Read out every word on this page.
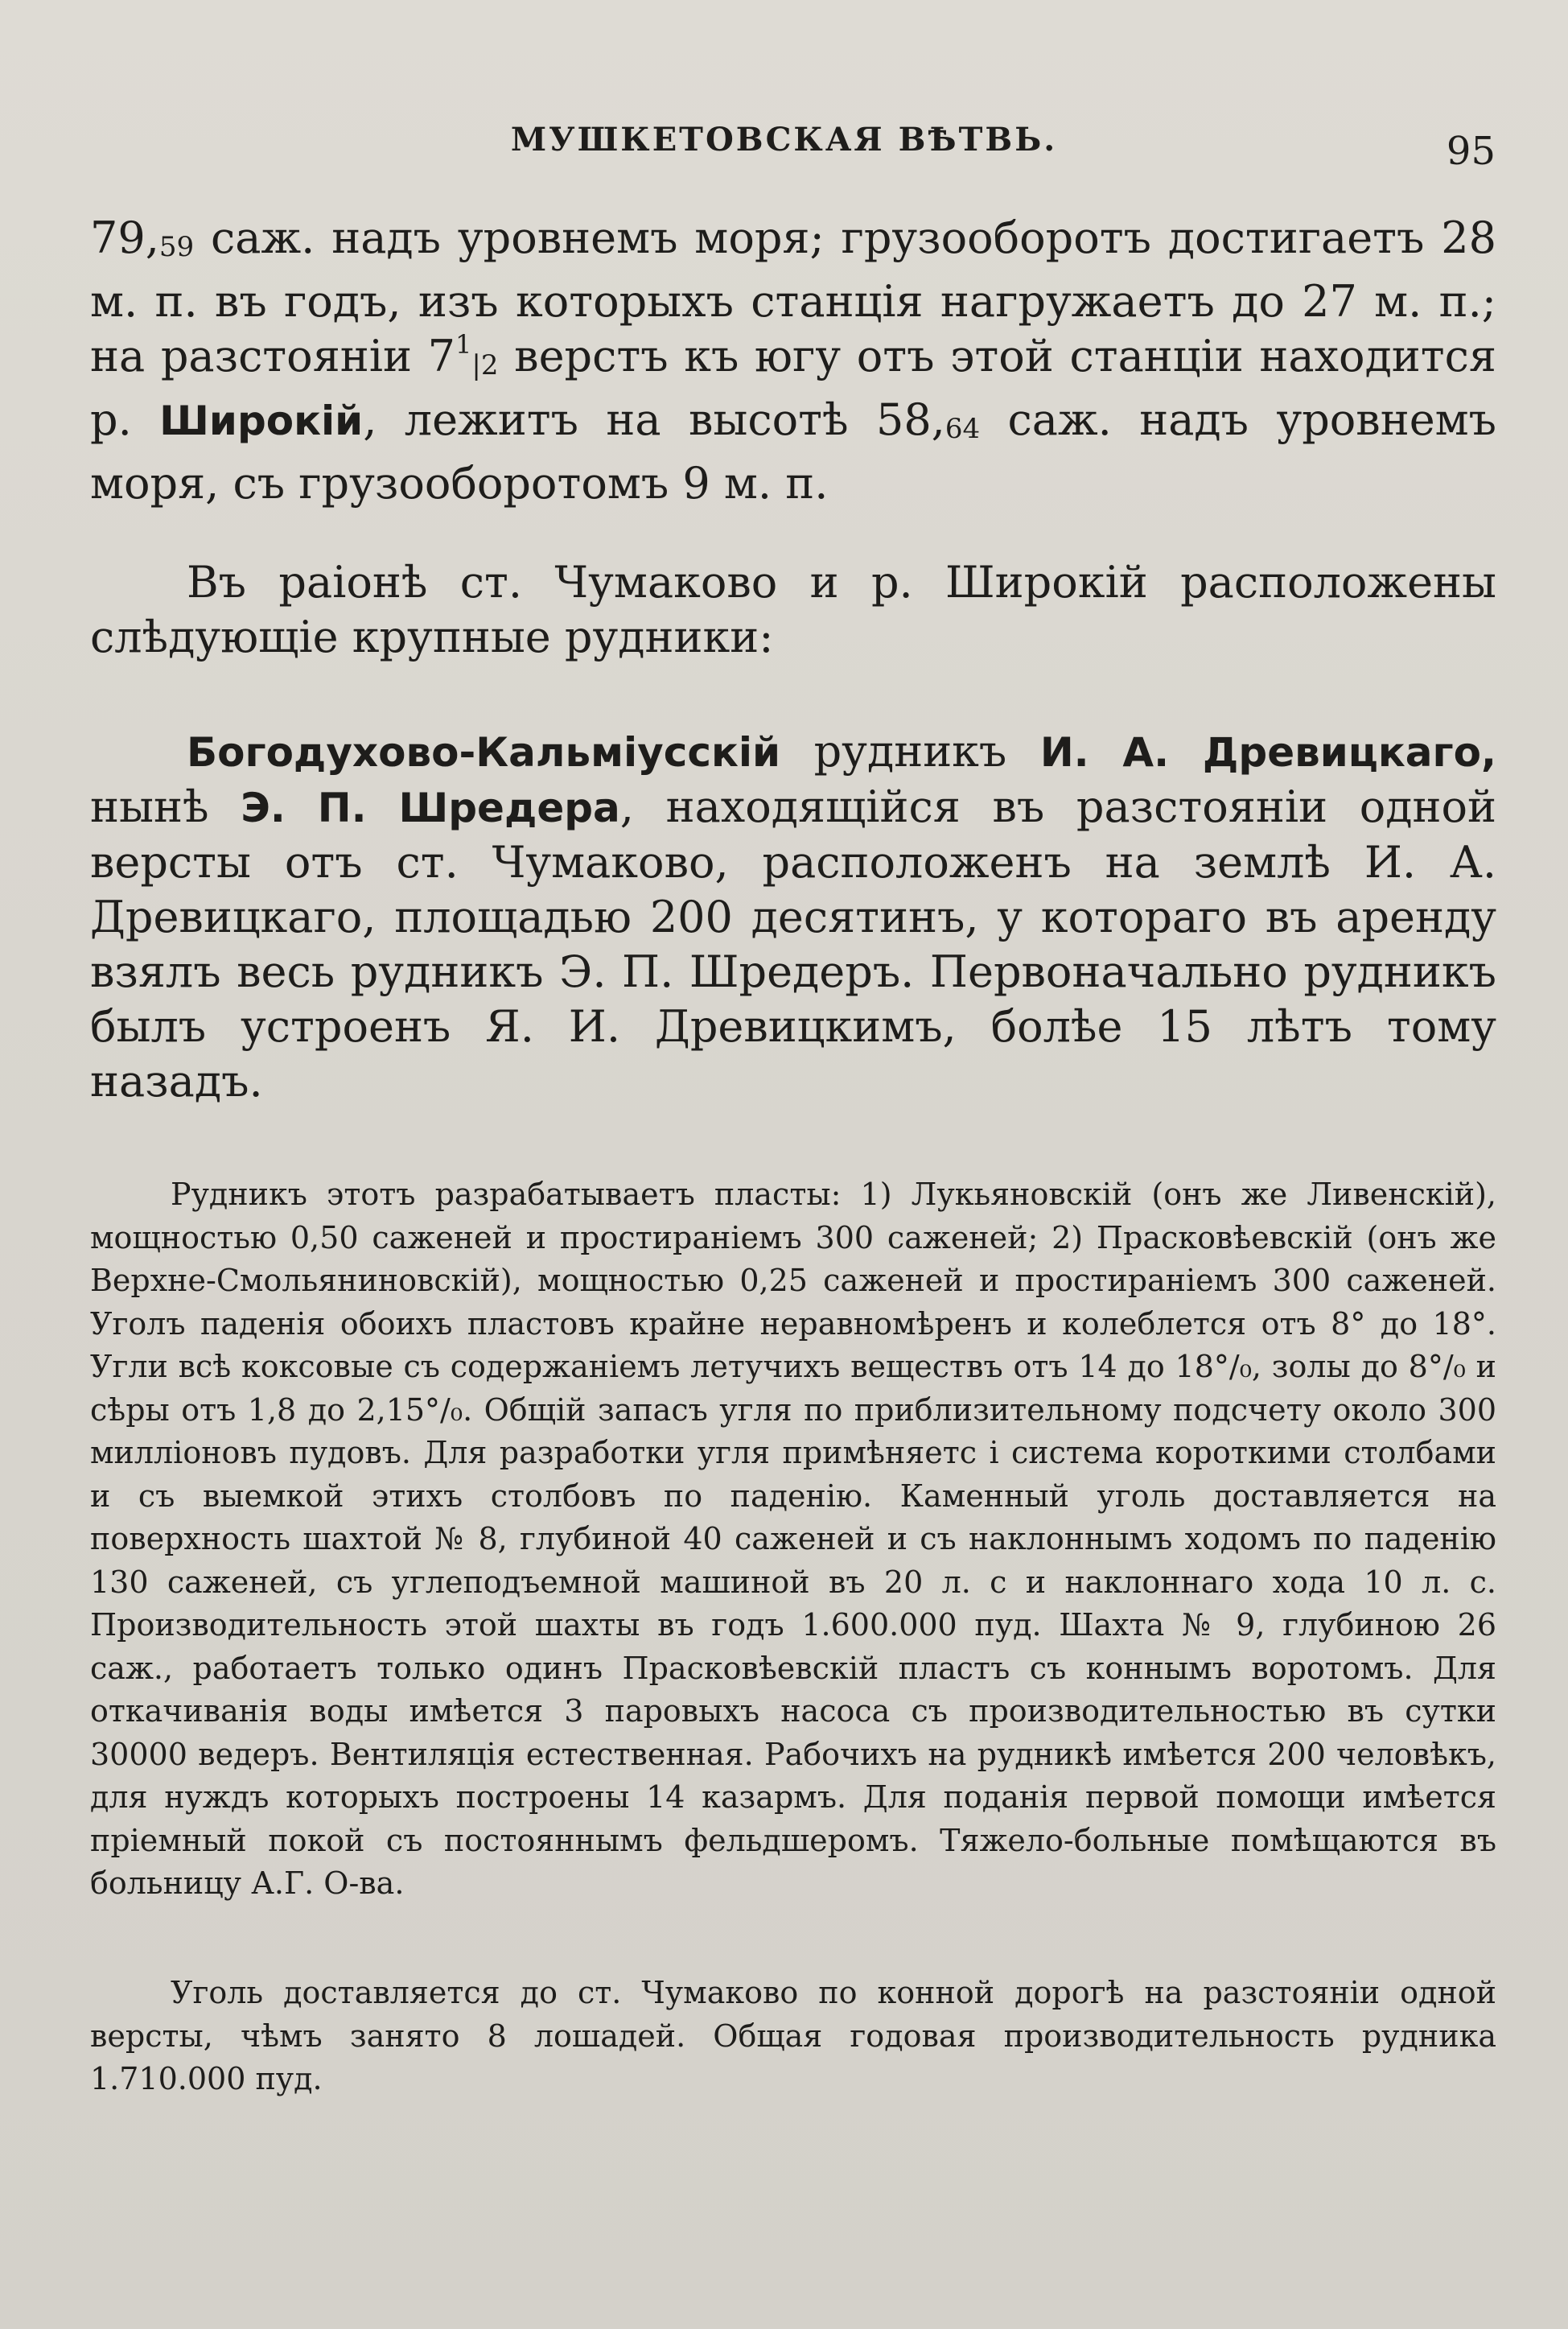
МУШКЕТОВСКАЯ ВѢТВЬ.	95
$79,_{59}$ саж. надъ уровнемъ моря; грузооборотъ достигаетъ 28 м. п. въ годъ, изъ которыхъ станція нагружаетъ до 27 м. п.; на разстояніи $7^1_{|2}$ верстъ къ югу отъ этой станціи находится р. Широкій, лежитъ на высотѣ $58,_{64}$ саж. надъ уровнемъ моря, съ грузооборотомъ 9 м. п.
Въ раіонѣ ст. Чумаково и р. Широкій расположены слѣдующіе крупные рудники:
Богодухово-Кальміусскій рудникъ И. А. Древицкаго, нынѣ Э. П. Шредера, находящійся въ разстояніи одной версты отъ ст. Чумаково, расположенъ на землѣ И. А. Древицкаго, площадью 200 десятинъ, у котораго въ аренду взялъ весь рудникъ Э. П. Шредеръ. Первоначально рудникъ былъ устроенъ Я. И. Древицкимъ, болѣе 15 лѣтъ тому назадъ.
Рудникъ этотъ разрабатываетъ пласты: 1) Лукьяновскій (онъ же Ливенскій), мощностью 0,50 саженей и простираніемъ 300 саженей; 2) Прасковѣевскій (онъ же Верхне-Смольяниновскій), мощностью 0,25 саженей и простираніемъ 300 саженей. Уголъ паденія обоихъ пластовъ крайне неравномѣренъ и колеблется отъ 8° до 18°. Угли всѣ коксовые съ содержаніемъ летучихъ веществъ отъ 14 до 18°/₀, золы до 8°/₀ и сѣры отъ 1,8 до 2,15°/₀. Общій запасъ угля по приблизительному подсчету около 300 милліоновъ пудовъ. Для разработки угля примѣняетс і система короткими столбами и съ выемкой этихъ столбовъ по паденію. Каменный уголь доставляется на поверхность шахтой № 8, глубиной 40 саженей и съ наклоннымъ ходомъ по паденію 130 саженей, съ углеподъемной машиной въ 20 л. с и наклоннаго хода 10 л. с. Производительность этой шахты въ годъ 1.600.000 пуд. Шахта № 9, глубиною 26 саж., работаетъ только одинъ Прасковѣевскій пластъ съ коннымъ воротомъ. Для откачиванія воды имѣется 3 паровыхъ насоса съ производительностью въ сутки 30000 ведеръ. Вентиляція естественная. Рабочихъ на рудникѣ имѣется 200 человѣкъ, для нуждъ которыхъ построены 14 казармъ. Для поданія первой помощи имѣется пріемный покой съ постояннымъ фельдшеромъ. Тяжело-больные помѣщаются въ больницу А.Г. О-ва.
Уголь доставляется до ст. Чумаково по конной дорогѣ на разстояніи одной версты, чѣмъ занято 8 лошадей. Общая годовая производительность рудника 1.710.000 пуд.
